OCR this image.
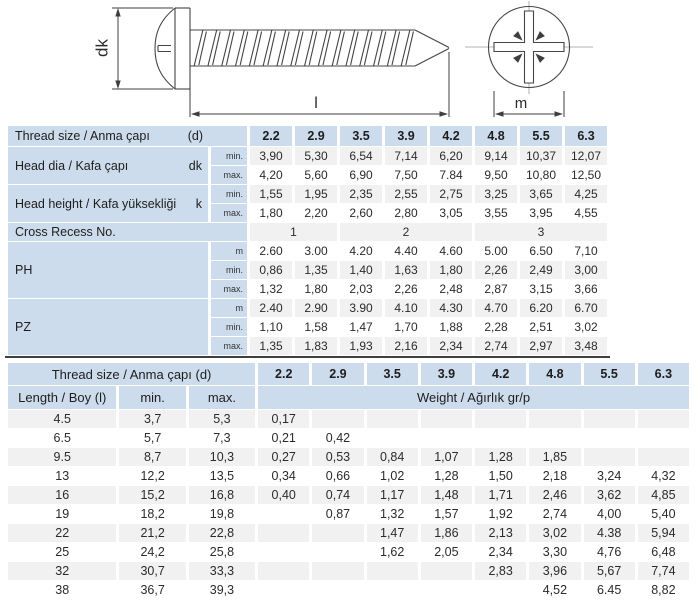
dk
l	m
Thread size / Anma çapı (d)		2.2	2.9	3.5	3.9	4.2	4.8	5.5	6.3

Head dia / Kafa çapı dk	min.	3,90	5,30	6,54	7,14	6,20	9,14	10,37	12,07
	max.	4,20	5,60	6,90	7,50	7.84	9,50	10,80	12,50

Head height / Kafa yüksekliği k	min.	1,55	1,95	2,35	2,55	2,75	3,25	3,65	4,25
	max.	1,80	2,20	2,60	2,80	3,05	3,55	3,95	4,55
Cross Recess No.		1		2			3		

PH	m	2.60	3.00	4.20	4.40	4.60	5.00	6.50	7,10
	min.	0,86	1,35	1,40	1,63	1,80	2,26	2,49	3,00
	max.	1,32	1,80	2,03	2,26	2,48	2,87	3,15	3,66

PZ	m	2.40	2.90	3.90	4.10	4.30	4.70	6.20	6.70
	min.	1,10	1,58	1,47	1,70	1,88	2,28	2,51	3,02
	max.	1,35	1,83	1,93	2,16	2,34	2,74	2,97	3,48
Thread size / Anma çapı (d)			2.2	2.9	3.5	3.9	4.2	4.8	5.5	6.3
Length / Boy (l)	min.	max.	Weight / Ağırlık gr/p							
4.5	3,7	5,3	0,17							
6.5	5,7	7,3	0,21	0,42						
9.5	8,7	10,3	0,27	0,53	0,84	1,07	1,28	1,85		
13	12,2	13,5	0,34	0,66	1,02	1,28	1,50	2,18	3,24	4,32
16	15,2	16,8	0,40	0,74	1,17	1,48	1,71	2,46	3,62	4,85
19	18,2	19,8		0,87	1,32	1,57	1,92	2,74	4,00	5,40
22	21,2	22,8			1,47	1,86	2,13	3,02	4.38	5,94
25	24,2	25,8			1,62	2,05	2,34	3,30	4,76	6,48
32	30,7	33,3					2,83	3,96	5,67	7,74
38	36,7	39,3						4,52	6.45	8,82
